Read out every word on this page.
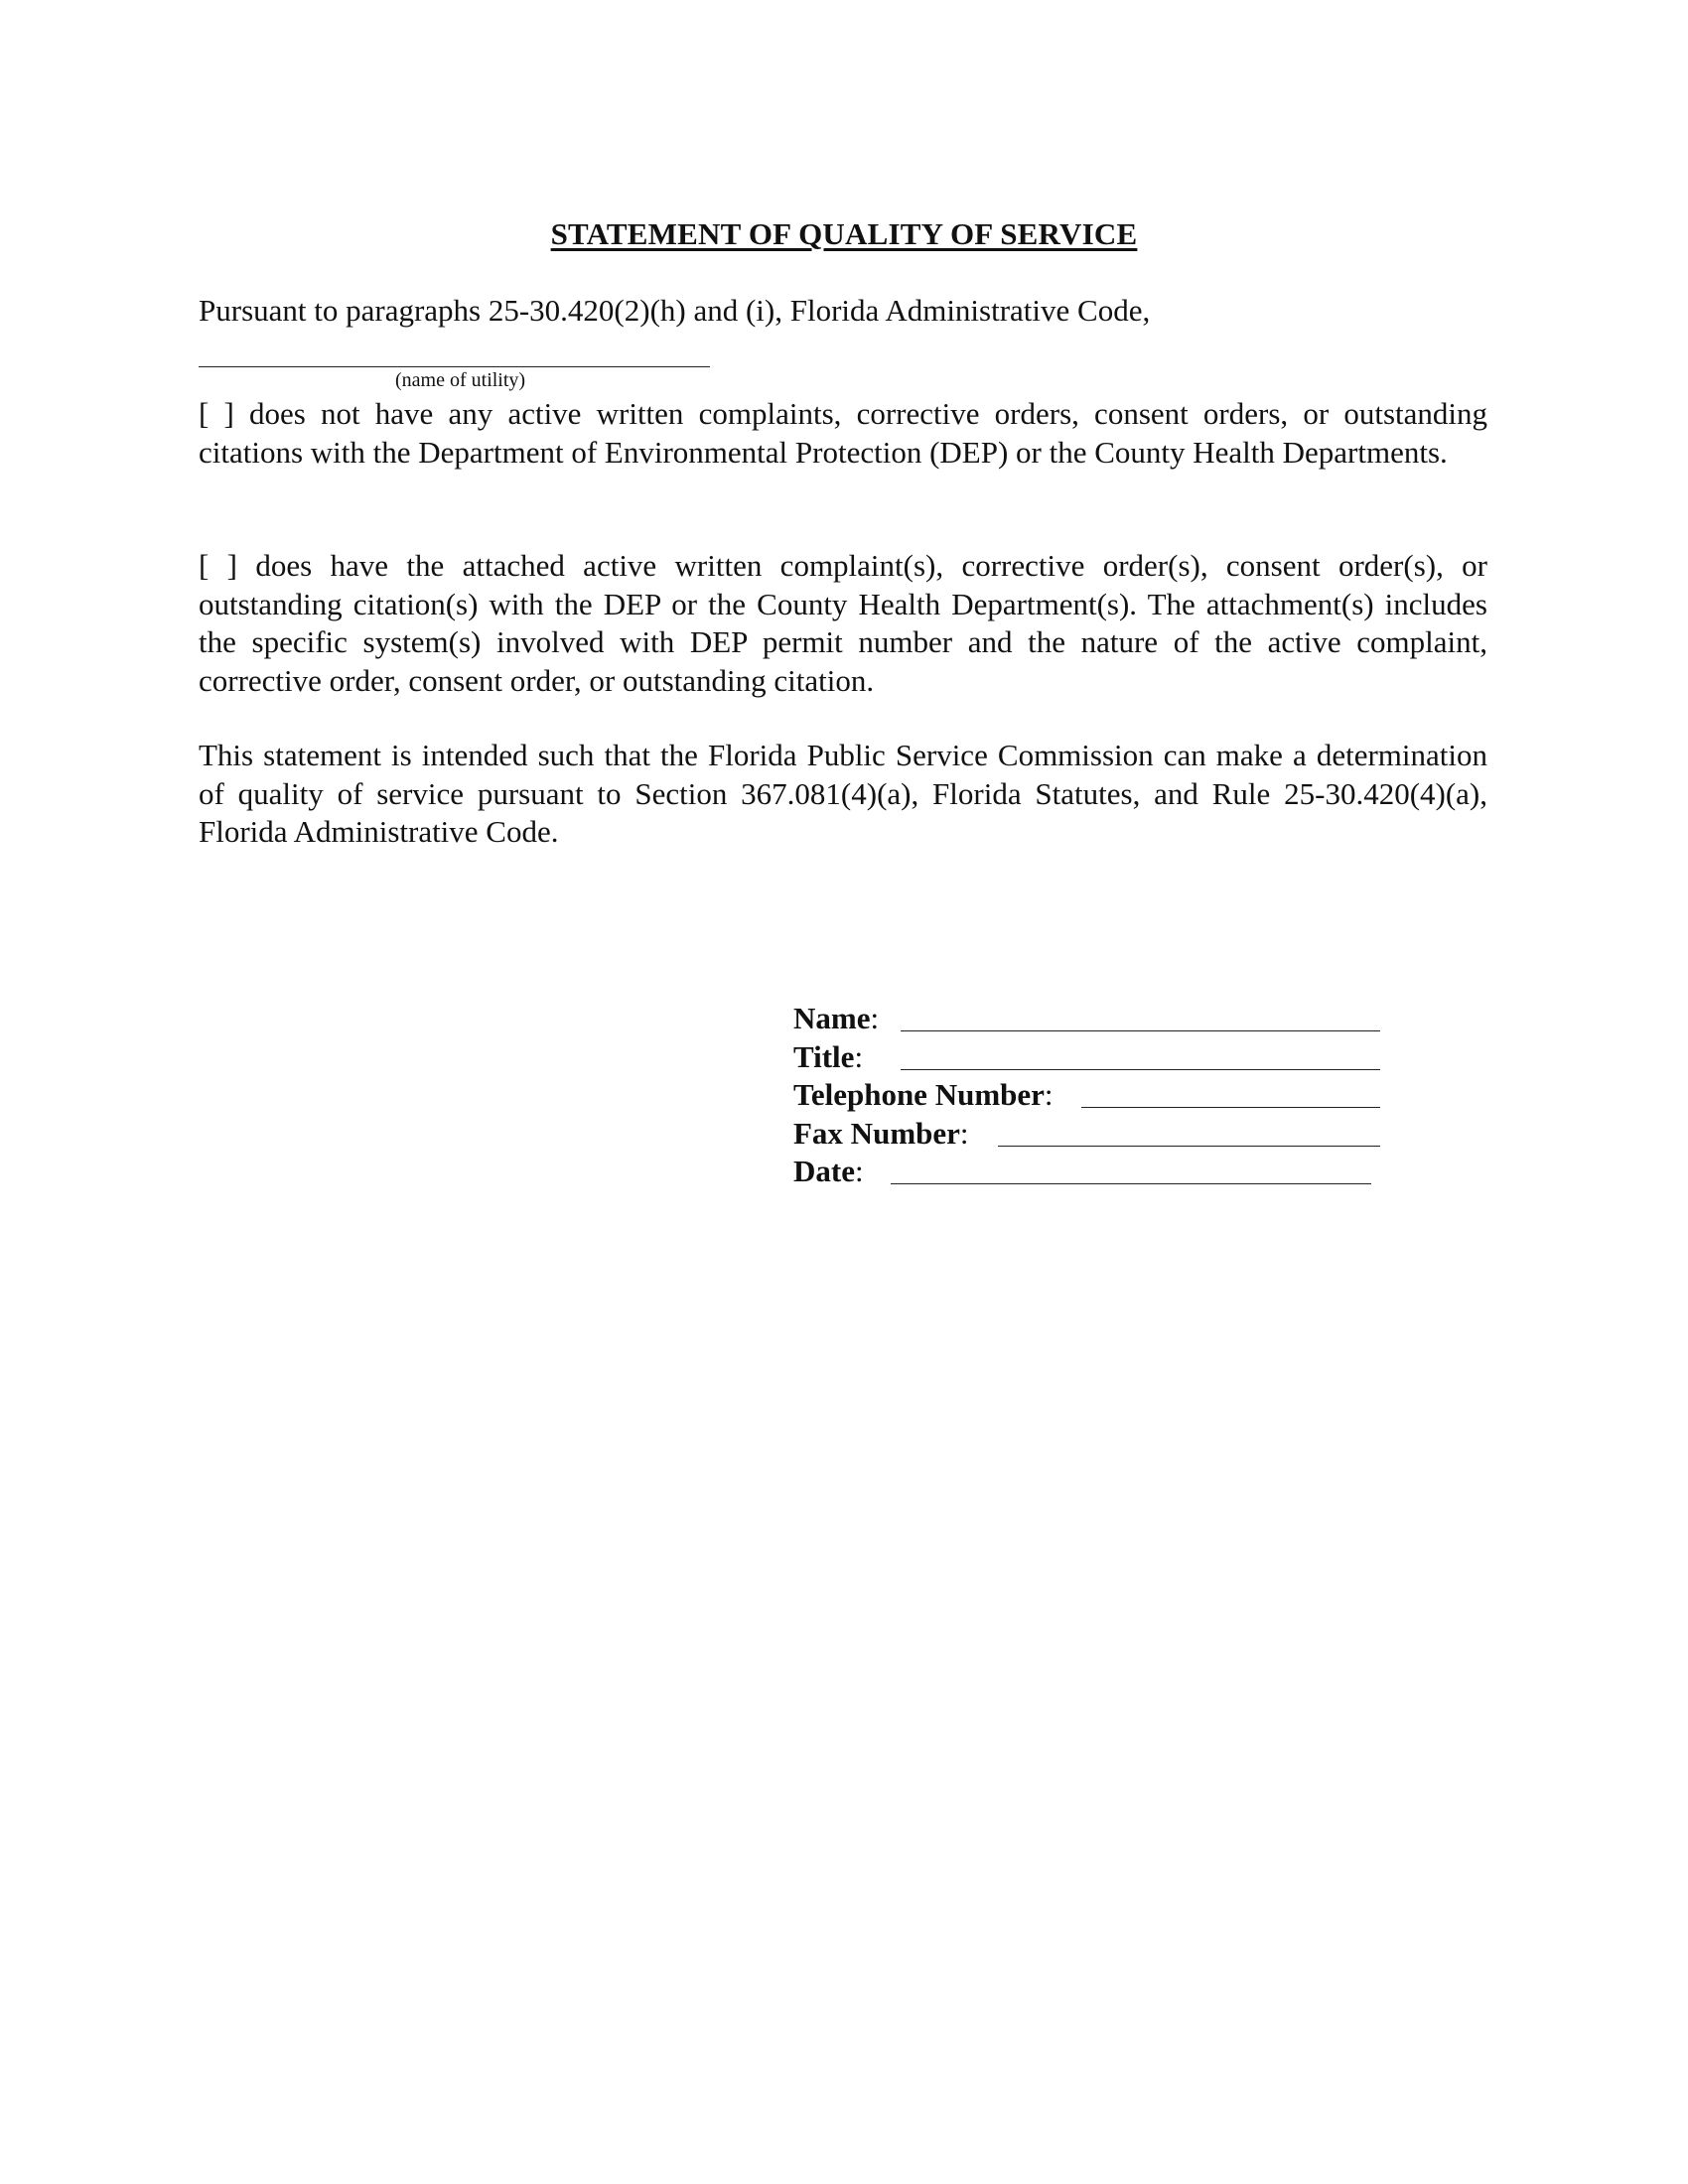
STATEMENT OF QUALITY OF SERVICE
Pursuant to paragraphs 25-30.420(2)(h) and (i), Florida Administrative Code,
(name of utility)
[ ] does not have any active written complaints, corrective orders, consent orders, or outstanding citations with the Department of Environmental Protection (DEP) or the County Health Departments.
[ ] does have the attached active written complaint(s), corrective order(s), consent order(s), or outstanding citation(s) with the DEP or the County Health Department(s). The attachment(s) includes the specific system(s) involved with DEP permit number and the nature of the active complaint, corrective order, consent order, or outstanding citation.
This statement is intended such that the Florida Public Service Commission can make a determination of quality of service pursuant to Section 367.081(4)(a), Florida Statutes, and Rule 25-30.420(4)(a), Florida Administrative Code.
Name:
Title:
Telephone Number:
Fax Number:
Date:
